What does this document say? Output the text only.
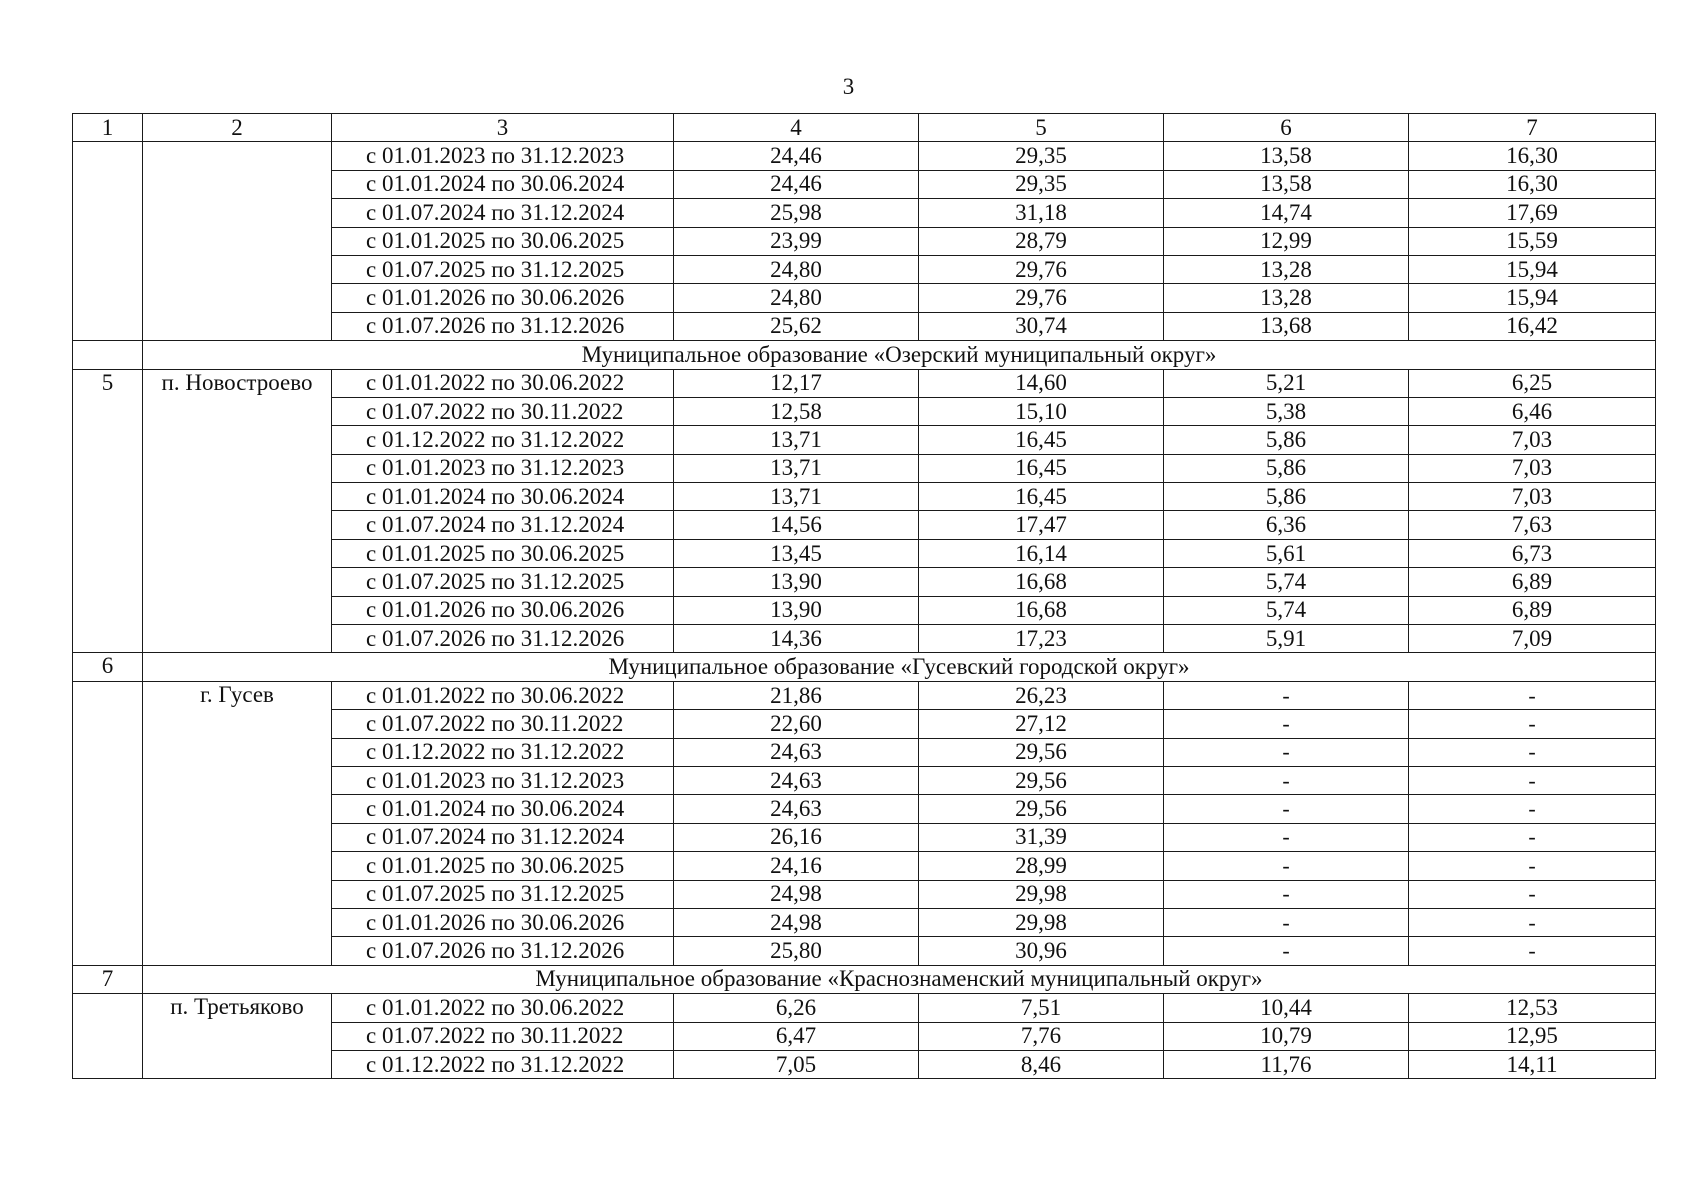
3
1	2	3	4	5	6	7
		с 01.01.2023 по 31.12.2023	24,46	29,35	13,58	16,30
		с 01.01.2024 по 30.06.2024	24,46	29,35	13,58	16,30
		с 01.07.2024 по 31.12.2024	25,98	31,18	14,74	17,69
		с 01.01.2025 по 30.06.2025	23,99	28,79	12,99	15,59
		с 01.07.2025 по 31.12.2025	24,80	29,76	13,28	15,94
		с 01.01.2026 по 30.06.2026	24,80	29,76	13,28	15,94
		с 01.07.2026 по 31.12.2026	25,62	30,74	13,68	16,42
	Муниципальное образование «Озерский муниципальный округ»					
5	п. Новостроево	с 01.01.2022 по 30.06.2022	12,17	14,60	5,21	6,25
		с 01.07.2022 по 30.11.2022	12,58	15,10	5,38	6,46
		с 01.12.2022 по 31.12.2022	13,71	16,45	5,86	7,03
		с 01.01.2023 по 31.12.2023	13,71	16,45	5,86	7,03
		с 01.01.2024 по 30.06.2024	13,71	16,45	5,86	7,03
		с 01.07.2024 по 31.12.2024	14,56	17,47	6,36	7,63
		с 01.01.2025 по 30.06.2025	13,45	16,14	5,61	6,73
		с 01.07.2025 по 31.12.2025	13,90	16,68	5,74	6,89
		с 01.01.2026 по 30.06.2026	13,90	16,68	5,74	6,89
		с 01.07.2026 по 31.12.2026	14,36	17,23	5,91	7,09
6	Муниципальное образование «Гусевский городской округ»					
	г. Гусев	с 01.01.2022 по 30.06.2022	21,86	26,23	-	-
		с 01.07.2022 по 30.11.2022	22,60	27,12	-	-
		с 01.12.2022 по 31.12.2022	24,63	29,56	-	-
		с 01.01.2023 по 31.12.2023	24,63	29,56	-	-
		с 01.01.2024 по 30.06.2024	24,63	29,56	-	-
		с 01.07.2024 по 31.12.2024	26,16	31,39	-	-
		с 01.01.2025 по 30.06.2025	24,16	28,99	-	-
		с 01.07.2025 по 31.12.2025	24,98	29,98	-	-
		с 01.01.2026 по 30.06.2026	24,98	29,98	-	-
		с 01.07.2026 по 31.12.2026	25,80	30,96	-	-
7	Муниципальное образование «Краснознаменский муниципальный округ»					
	п. Третьяково	с 01.01.2022 по 30.06.2022	6,26	7,51	10,44	12,53
		с 01.07.2022 по 30.11.2022	6,47	7,76	10,79	12,95
		с 01.12.2022 по 31.12.2022	7,05	8,46	11,76	14,11
